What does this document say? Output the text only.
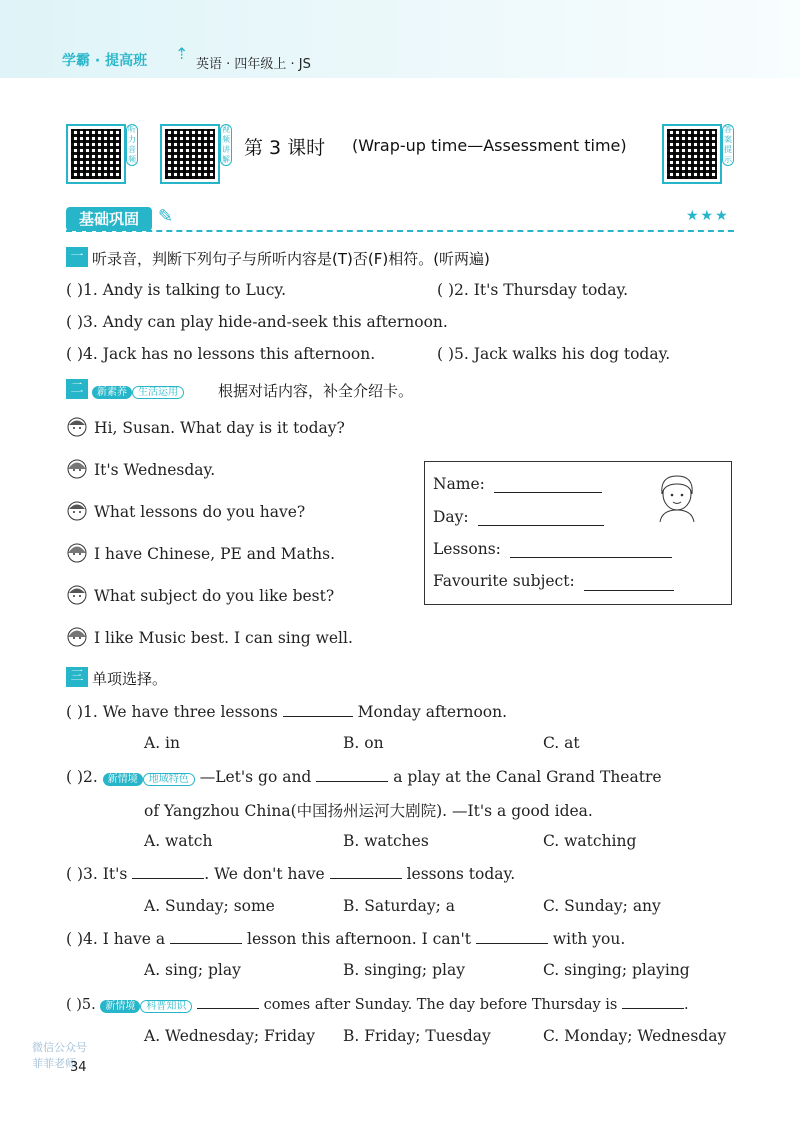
学霸 · 提高班 ⇡
英语 · 四年级上 · JS
听力音频
视频讲解
答案提示
第 3 课时 (Wrap-up time—Assessment time)
基础巩固	✎	★★★
一 听录音，判断下列句子与所听内容是(T)否(F)相符。(听两遍)
( )1. Andy is talking to Lucy.	( )2. It's Thursday today.
( )3. Andy can play hide-and-seek this afternoon.
( )4. Jack has no lessons this afternoon.	( )5. Jack walks his dog today.
二	新素养 生活运用	根据对话内容，补全介绍卡。
Hi, Susan. What day is it today?
It's Wednesday.
What lessons do you have?
I have Chinese, PE and Maths.
What subject do you like best?
I like Music best. I can sing well.
Name:
Day:
Lessons:
Favourite subject:
三 单项选择。
( )1. We have three lessons	Monday afternoon.
A. in	B. on	C. at
( )2. 新情境 地域特色 —Let's go and	a play at the Canal Grand Theatre
of Yangzhou China(中国扬州运河大剧院). —It's a good idea.
A. watch	B. watches	C. watching
( )3. It's	. We don't have	lessons today.
A. Sunday; some	B. Saturday; a	C. Sunday; any
( )4. I have a	lesson this afternoon. I can't	with you.
A. sing; play	B. singing; play	C. singing; playing
( )5. 新情境 科普知识	comes after Sunday. The day before Thursday is	.
A. Wednesday; Friday B. Friday; Tuesday	C. Monday; Wednesday
微信公众号
菲菲老师
34
